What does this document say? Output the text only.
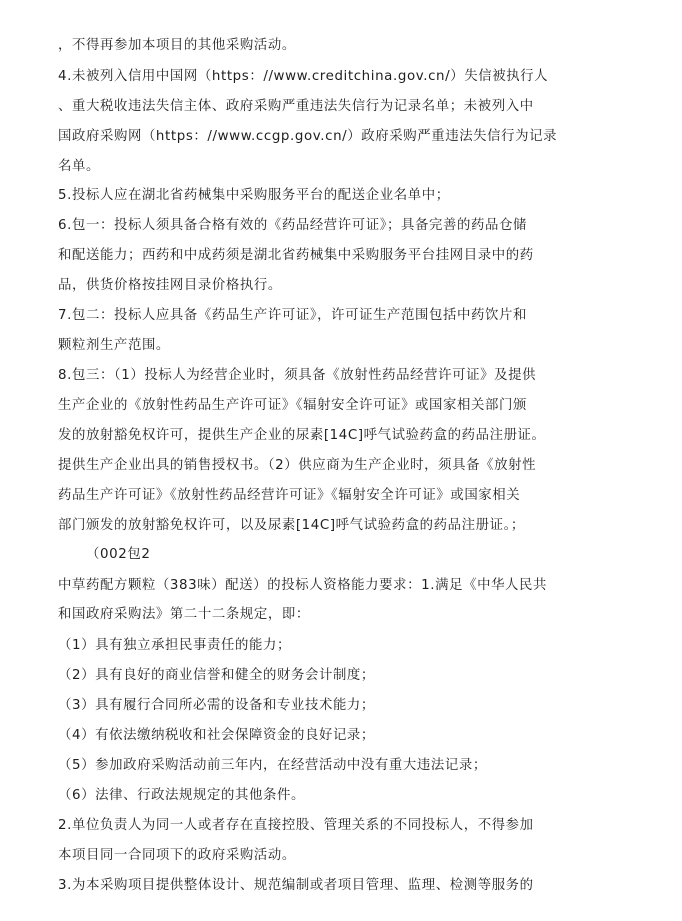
，不得再参加本项目的其他采购活动。
4.未被列入信用中国网（https：//www.creditchina.gov.cn/）失信被执行人
、重大税收违法失信主体、政府采购严重违法失信行为记录名单；未被列入中
国政府采购网（https：//www.ccgp.gov.cn/）政府采购严重违法失信行为记录
名单。
5.投标人应在湖北省药械集中采购服务平台的配送企业名单中；
6.包一：投标人须具备合格有效的《药品经营许可证》；具备完善的药品仓储
和配送能力；西药和中成药须是湖北省药械集中采购服务平台挂网目录中的药
品，供货价格按挂网目录价格执行。
7.包二：投标人应具备《药品生产许可证》，许可证生产范围包括中药饮片和
颗粒剂生产范围。
8.包三：（1）投标人为经营企业时，须具备《放射性药品经营许可证》及提供
生产企业的《放射性药品生产许可证》《辐射安全许可证》或国家相关部门颁
发的放射豁免权许可，提供生产企业的尿素[14C]呼气试验药盒的药品注册证。
提供生产企业出具的销售授权书。（2）供应商为生产企业时，须具备《放射性
药品生产许可证》《放射性药品经营许可证》《辐射安全许可证》或国家相关
部门颁发的放射豁免权许可，以及尿素[14C]呼气试验药盒的药品注册证。；
（002包2
中草药配方颗粒（383味）配送）的投标人资格能力要求：1.满足《中华人民共
和国政府采购法》第二十二条规定，即：
（1）具有独立承担民事责任的能力；
（2）具有良好的商业信誉和健全的财务会计制度；
（3）具有履行合同所必需的设备和专业技术能力；
（4）有依法缴纳税收和社会保障资金的良好记录；
（5）参加政府采购活动前三年内，在经营活动中没有重大违法记录；
（6）法律、行政法规规定的其他条件。
2.单位负责人为同一人或者存在直接控股、管理关系的不同投标人，不得参加
本项目同一合同项下的政府采购活动。
3.为本采购项目提供整体设计、规范编制或者项目管理、监理、检测等服务的
